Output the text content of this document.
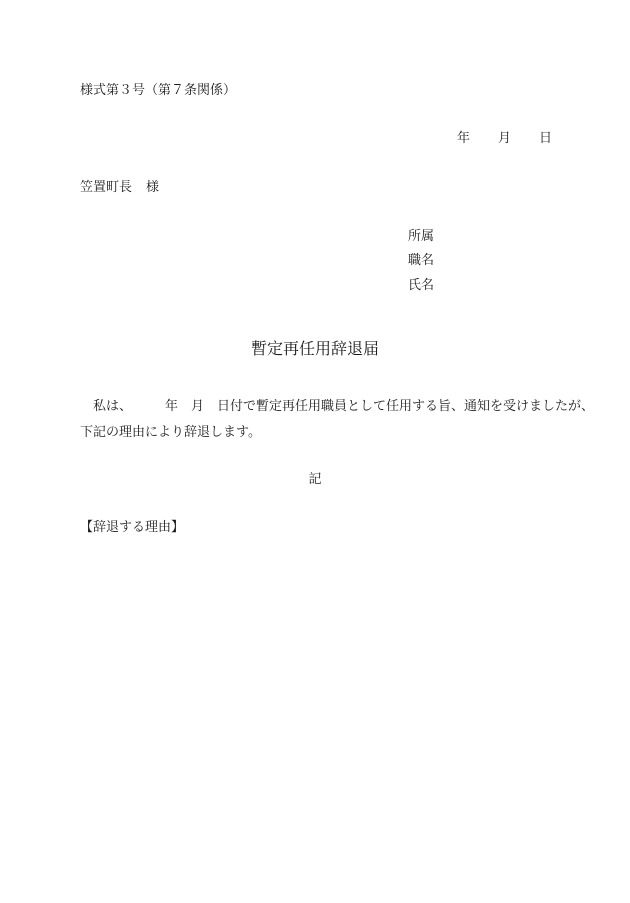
様式第３号（第７条関係）
年 月 日
笠置町長 様
所属
職名
氏名
暫定再任用辞退届
私は、	年 月 日付で暫定再任用職員として任用する旨、通知を受けましたが、
下記の理由により辞退します。
記
【辞退する理由】
